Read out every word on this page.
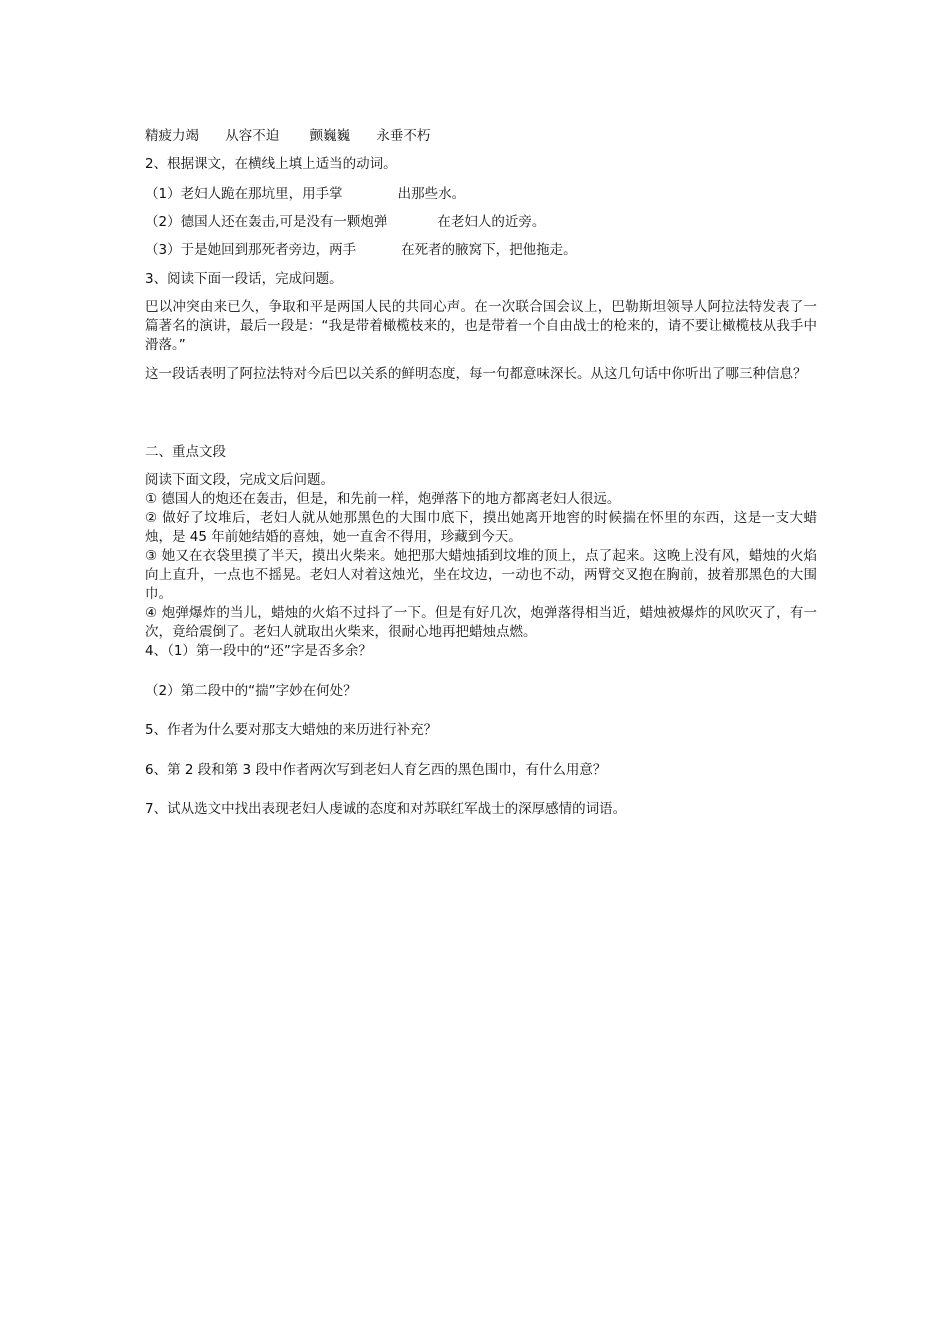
精疲力竭 从容不迫 颤巍巍 永垂不朽
2、根据课文，在横线上填上适当的动词。
（1）老妇人跪在那坑里，用手掌	出那些水。
（2）德国人还在轰击,可是没有一颗炮弹	在老妇人的近旁。
（3）于是她回到那死者旁边，两手	在死者的腋窝下，把他拖走。
3、阅读下面一段话，完成问题。
巴以冲突由来已久，争取和平是两国人民的共同心声。在一次联合国会议上，巴勒斯坦领导人阿拉法特发表了一篇著名的演讲，最后一段是：“我是带着橄榄枝来的，也是带着一个自由战士的枪来的，请不要让橄榄枝从我手中滑落。”
这一段话表明了阿拉法特对今后巴以关系的鲜明态度，每一句都意味深长。从这几句话中你听出了哪三种信息？
二、重点文段
阅读下面文段，完成文后问题。
① 德国人的炮还在轰击，但是，和先前一样，炮弹落下的地方都离老妇人很远。
② 做好了坟堆后，老妇人就从她那黑色的大围巾底下，摸出她离开地窖的时候揣在怀里的东西，这是一支大蜡烛，是 45 年前她结婚的喜烛，她一直舍不得用，珍藏到今天。
③ 她又在衣袋里摸了半天，摸出火柴来。她把那大蜡烛插到坟堆的顶上，点了起来。这晚上没有风，蜡烛的火焰向上直升，一点也不摇晃。老妇人对着这烛光，坐在坟边，一动也不动，两臂交叉抱在胸前，披着那黑色的大围巾。
④ 炮弹爆炸的当儿，蜡烛的火焰不过抖了一下。但是有好几次，炮弹落得相当近，蜡烛被爆炸的风吹灭了，有一次，竟给震倒了。老妇人就取出火柴来，很耐心地再把蜡烛点燃。
4、（1）第一段中的“还”字是否多余？
（2）第二段中的“揣”字妙在何处？
5、作者为什么要对那支大蜡烛的来历进行补充？
6、第 2 段和第 3 段中作者两次写到老妇人育乞西的黑色围巾，有什么用意？
7、试从选文中找出表现老妇人虔诚的态度和对苏联红军战士的深厚感情的词语。
